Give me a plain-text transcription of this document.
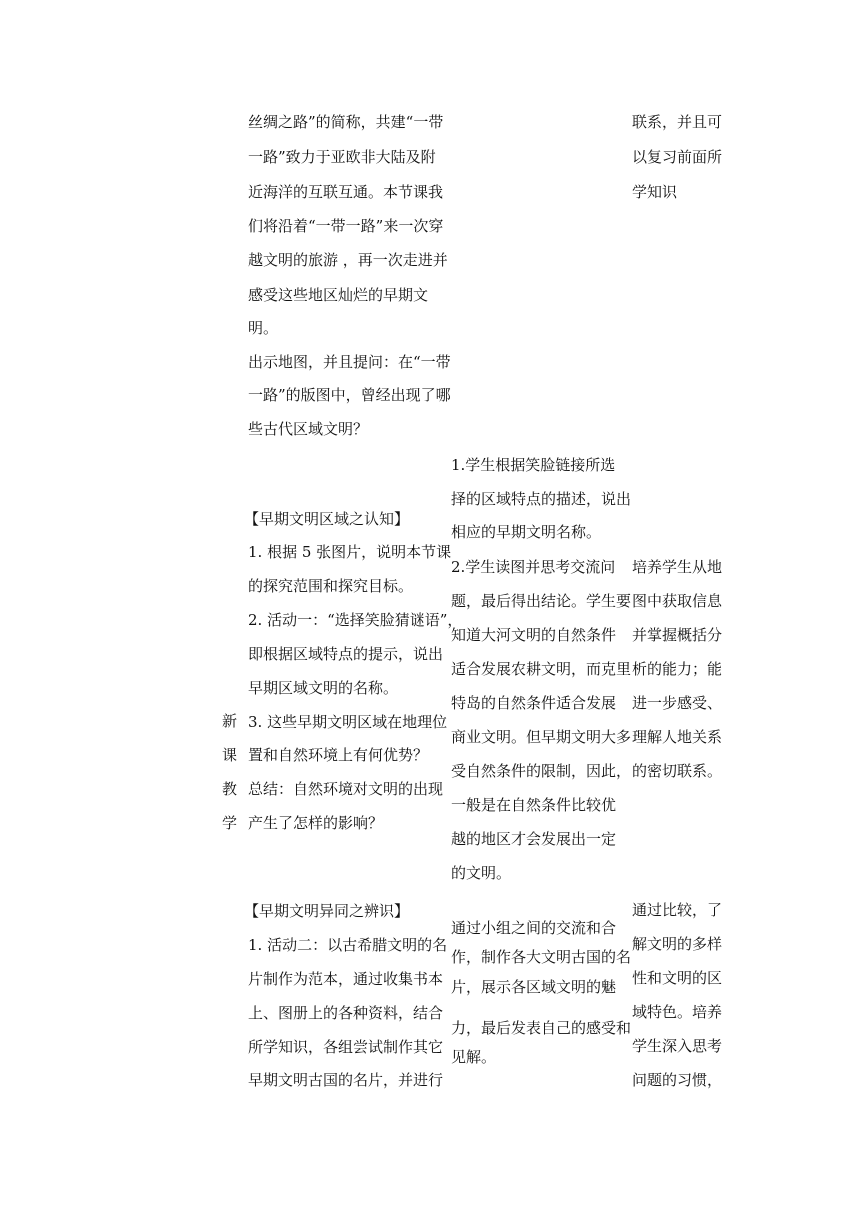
新
课
教
学
丝绸之路”的简称，共建“一带
一路”致力于亚欧非大陆及附
近海洋的互联互通。本节课我
们将沿着“一带一路”来一次穿
越文明的旅游 ，再一次走进并
感受这些地区灿烂的早期文
明。
出示地图，并且提问：在“一带
一路”的版图中，曾经出现了哪
些古代区域文明？
联系，并且可
以复习前面所
学知识
1.学生根据笑脸链接所选
择的区域特点的描述，说出
相应的早期文明名称。
2.学生读图并思考交流问
题，最后得出结论。学生要
知道大河文明的自然条件
适合发展农耕文明，而克里
特岛的自然条件适合发展
商业文明。但早期文明大多
受自然条件的限制，因此，
一般是在自然条件比较优
越的地区才会发展出一定
的文明。
【早期文明区域之认知】
1. 根据 5 张图片，说明本节课
的探究范围和探究目标。
2. 活动一：“选择笑脸猜谜语”，
即根据区域特点的提示，说出
早期区域文明的名称。
3. 这些早期文明区域在地理位
置和自然环境上有何优势？
总结：自然环境对文明的出现
产生了怎样的影响？
培养学生从地
图中获取信息
并掌握概括分
析的能力；能
进一步感受、
理解人地关系
的密切联系。
【早期文明异同之辨识】
1. 活动二：以古希腊文明的名
片制作为范本，通过收集书本
上、图册上的各种资料，结合
所学知识，各组尝试制作其它
早期文明古国的名片，并进行
通过小组之间的交流和合
作，制作各大文明古国的名
片，展示各区域文明的魅
力，最后发表自己的感受和
见解。
通过比较，了
解文明的多样
性和文明的区
域特色。培养
学生深入思考
问题的习惯，
